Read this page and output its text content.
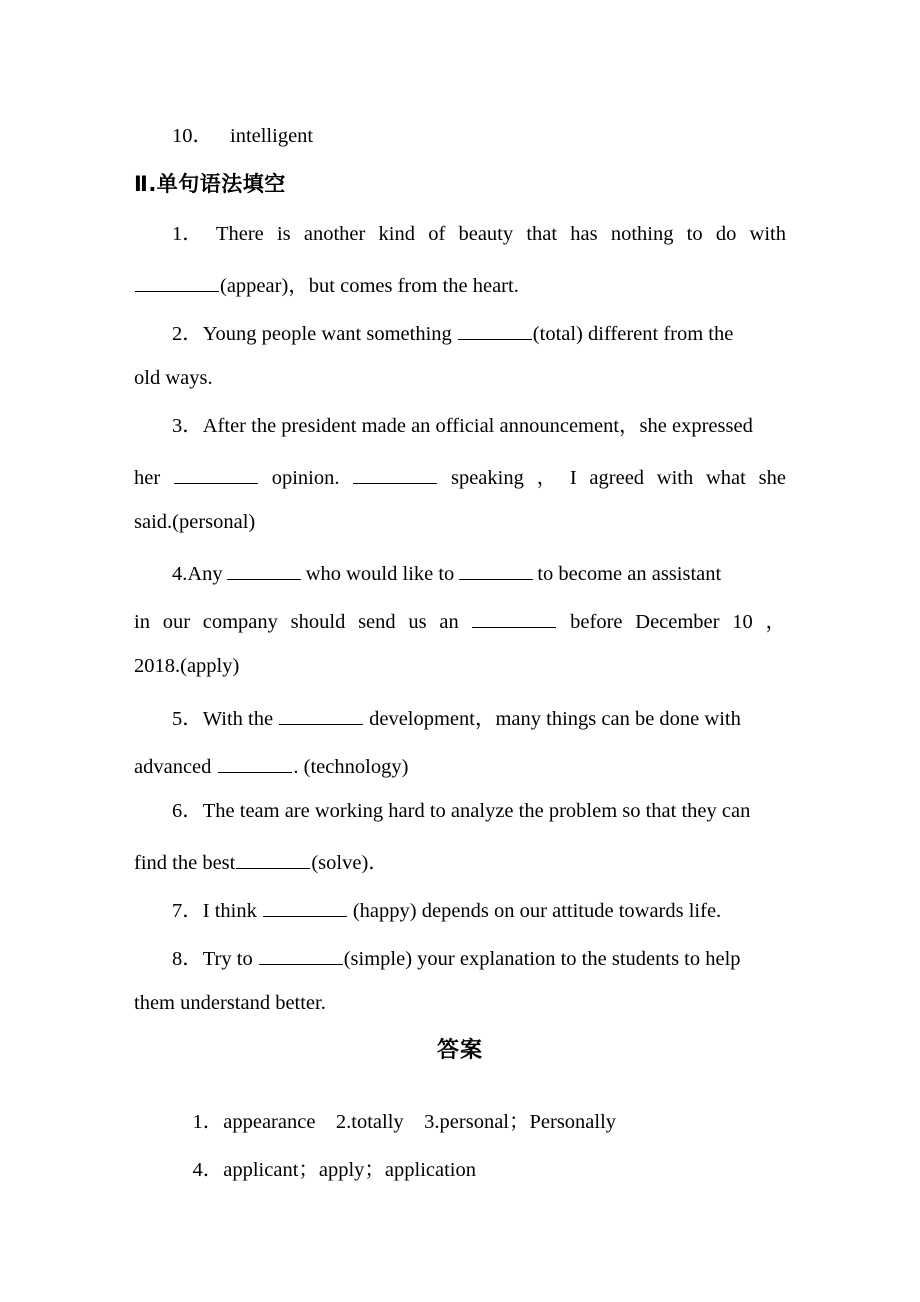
10． intelligent
Ⅱ.单句语法填空
1． There is another kind of beauty that has nothing to do with
(appear)，but comes from the heart.
2．Young people want something	(total) different from the
old ways.
3．After the president made an official announcement，she expressed
her	opinion.	speaking ， I agreed with what she
said.(personal)
4.Any	who would like to	to become an assistant
in our company should send us an	before December 10 ，
2018.(apply)
5．With the	development，many things can be done with
advanced	. (technology)
6．The team are working hard to analyze the problem so that they can
find the best	(solve)．
7．I think	(happy) depends on our attitude towards life.
8．Try to	(simple) your explanation to the students to help
them understand better.
答案

1．appearance　2.totally　3.personal；Personally

4．applicant；apply；application
